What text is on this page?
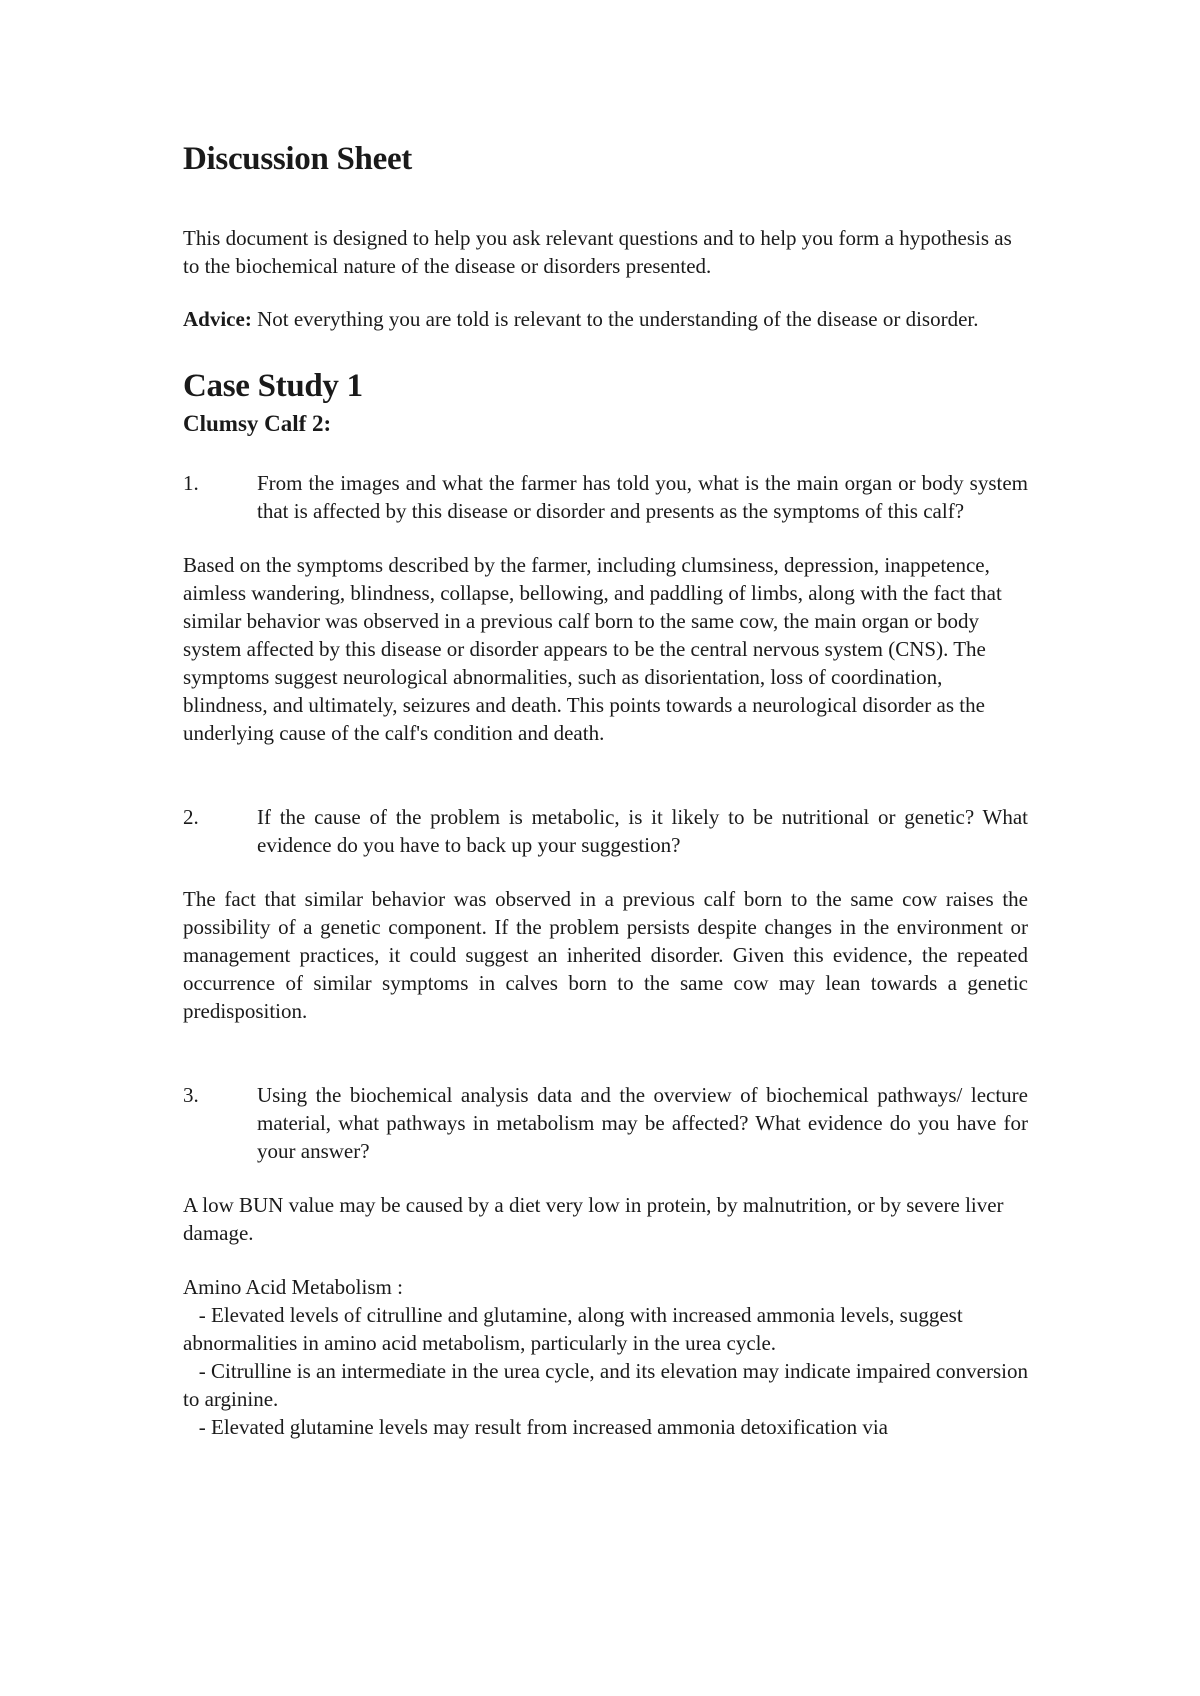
Discussion Sheet

This document is designed to help you ask relevant questions and to help you form a hypothesis as to the biochemical nature of the disease or disorders presented.

Advice: Not everything you are told is relevant to the understanding of the disease or disorder.

Case Study 1
Clumsy Calf 2:
1.	From the images and what the farmer has told you, what is the main organ or body system that is affected by this disease or disorder and presents as the symptoms of this calf?

Based on the symptoms described by the farmer, including clumsiness, depression, inappetence, aimless wandering, blindness, collapse, bellowing, and paddling of limbs, along with the fact that similar behavior was observed in a previous calf born to the same cow, the main organ or body system affected by this disease or disorder appears to be the central nervous system (CNS). The symptoms suggest neurological abnormalities, such as disorientation, loss of coordination, blindness, and ultimately, seizures and death. This points towards a neurological disorder as the underlying cause of the calf's condition and death.

2.	If the cause of the problem is metabolic, is it likely to be nutritional or genetic? What evidence do you have to back up your suggestion?

The fact that similar behavior was observed in a previous calf born to the same cow raises the possibility of a genetic component. If the problem persists despite changes in the environment or management practices, it could suggest an inherited disorder. Given this evidence, the repeated occurrence of similar symptoms in calves born to the same cow may lean towards a genetic predisposition.

3.	Using the biochemical analysis data and the overview of biochemical pathways/ lecture material, what pathways in metabolism may be affected? What evidence do you have for your answer?

A low BUN value may be caused by a diet very low in protein, by malnutrition, or by severe liver damage.

Amino Acid Metabolism :

- Elevated levels of citrulline and glutamine, along with increased ammonia levels, suggest abnormalities in amino acid metabolism, particularly in the urea cycle.

- Citrulline is an intermediate in the urea cycle, and its elevation may indicate impaired conversion to arginine.

- Elevated glutamine levels may result from increased ammonia detoxification via
